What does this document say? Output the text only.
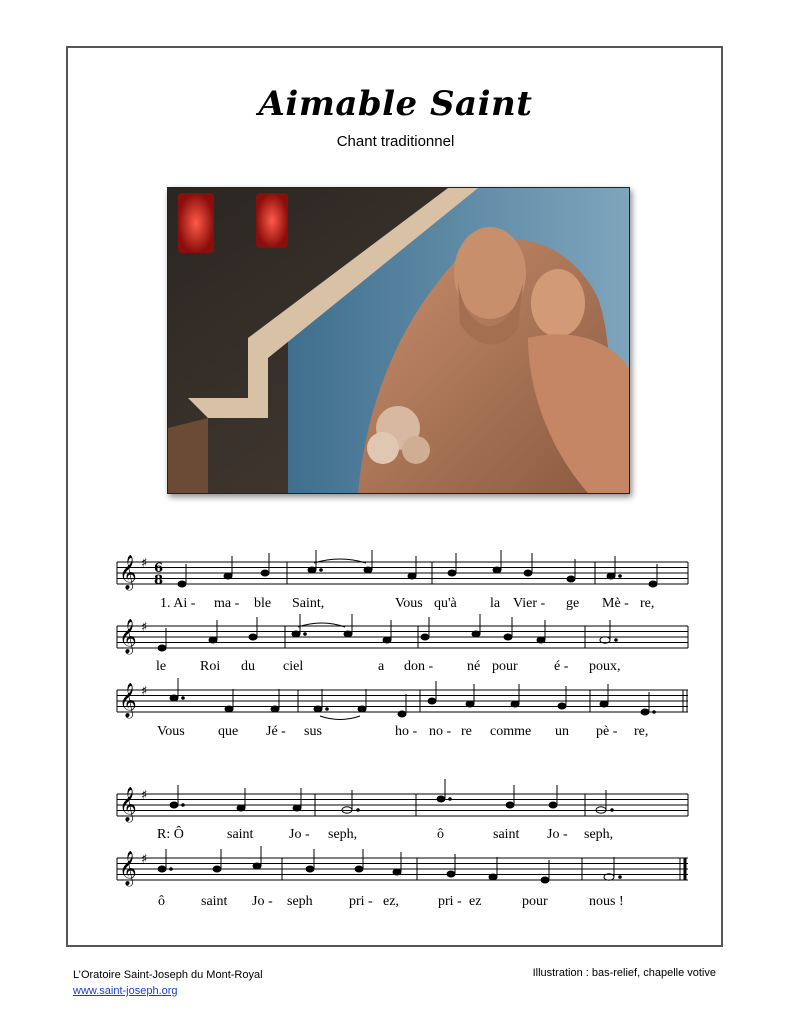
Aimable Saint
Chant traditionnel
𝄞 ♯
𝄞 ♯
𝄞 ♯
𝄞 ♯
𝄞 ♯
6
8
1. Ai - ma - ble Saint,	Vous qu'à la Vier - ge Mè - re,
le Roi du ciel	a don - né pour	é - poux,
Vous que Jé - sus	ho - no - re comme un pè - re,
R: Ô	saint	Jo - seph,	ô	saint Jo - seph,
ô	saint Jo - seph	pri - ez,	pri - ez	pour	nous !
L’Oratoire Saint-Joseph du Mont-Royal
www.saint-joseph.org
Illustration : bas-relief, chapelle votive
